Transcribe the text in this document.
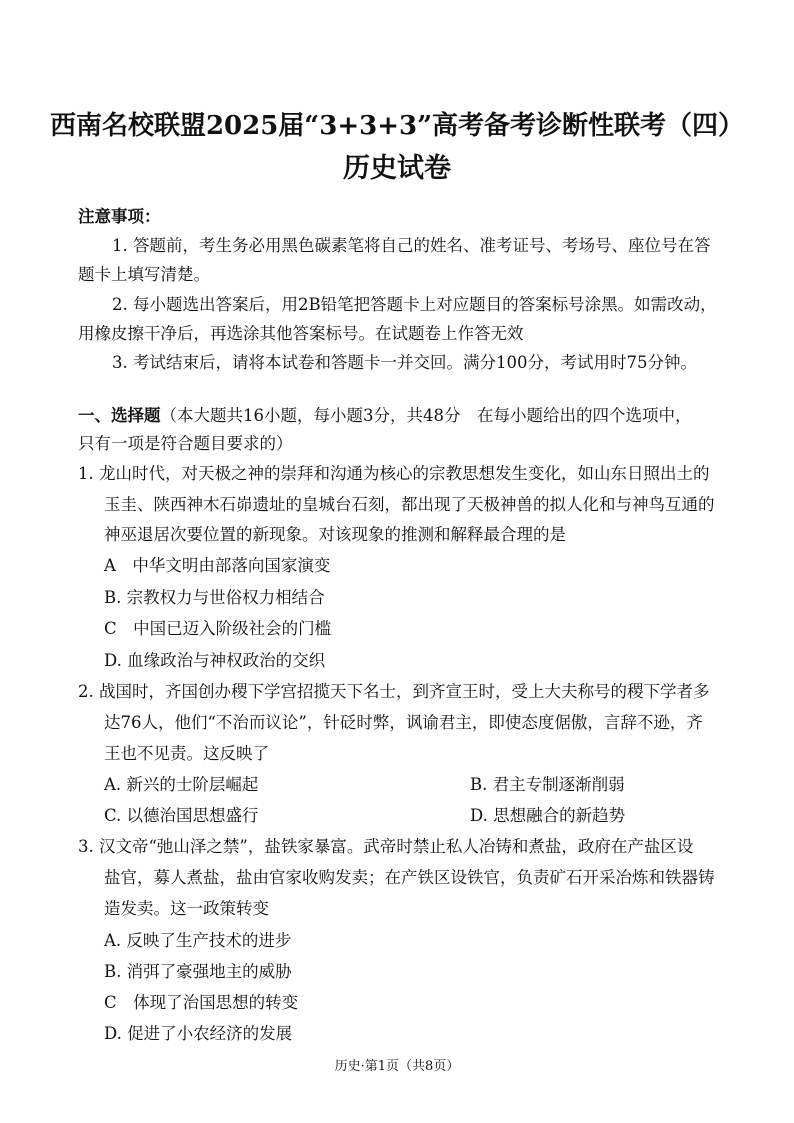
西南名校联盟2025届“3+3+3”高考备考诊断性联考（四）
历史试卷
注意事项：
1. 答题前，考生务必用黑色碳素笔将自己的姓名、准考证号、考场号、座位号在答
题卡上填写清楚。
2. 每小题选出答案后，用2B铅笔把答题卡上对应题目的答案标号涂黑。如需改动，
用橡皮擦干净后，再选涂其他答案标号。在试题卷上作答无效
3. 考试结束后，请将本试卷和答题卡一并交回。满分100分，考试用时75分钟。
一、选择题（本大题共16小题，每小题3分，共48分　在每小题给出的四个选项中，
只有一项是符合题目要求的）
1. 龙山时代，对天极之神的崇拜和沟通为核心的宗教思想发生变化，如山东日照出土的
玉圭、陕西神木石峁遗址的皇城台石刻，都出现了天极神兽的拟人化和与神鸟互通的
神巫退居次要位置的新现象。对该现象的推测和解释最合理的是
A　中华文明由部落向国家演变
B. 宗教权力与世俗权力相结合
C　中国已迈入阶级社会的门槛
D. 血缘政治与神权政治的交织
2. 战国时，齐国创办稷下学宫招揽天下名士，到齐宣王时，受上大夫称号的稷下学者多
达76人，他们“不治而议论”，针砭时弊，讽谕君主，即使态度倨傲，言辞不逊，齐
王也不见责。这反映了
A. 新兴的士阶层崛起	B. 君主专制逐渐削弱
C. 以德治国思想盛行	D. 思想融合的新趋势
3. 汉文帝“弛山泽之禁”，盐铁家暴富。武帝时禁止私人冶铸和煮盐，政府在产盐区设
盐官，募人煮盐，盐由官家收购发卖；在产铁区设铁官，负责矿石开采冶炼和铁器铸
造发卖。这一政策转变
A. 反映了生产技术的进步
B. 消弭了豪强地主的威胁
C　体现了治国思想的转变
D. 促进了小农经济的发展
历史·第1页（共8页）
